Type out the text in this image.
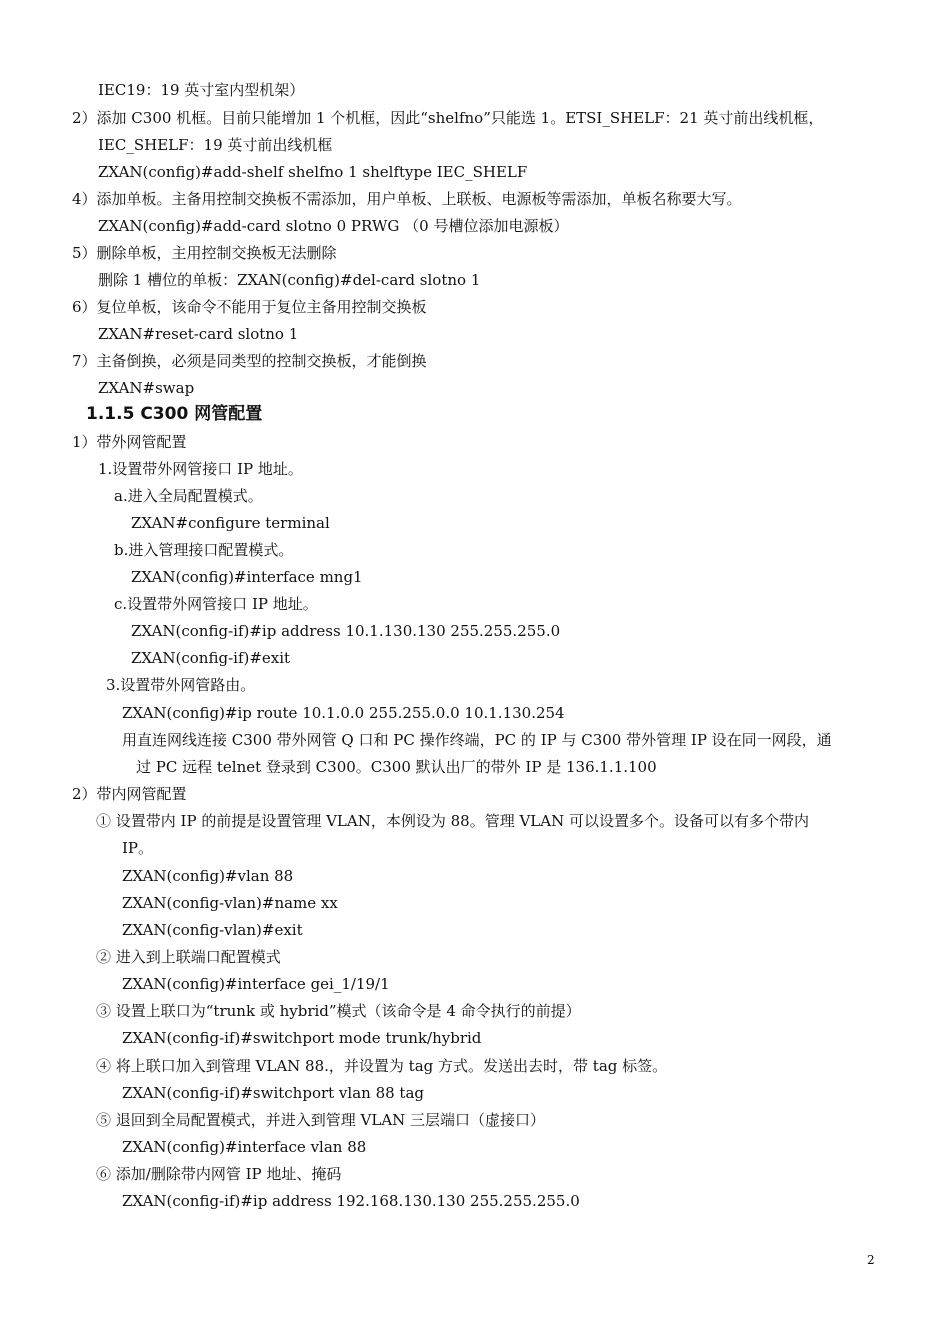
IEC19：19 英寸室内型机架）
2）添加 C300 机框。目前只能增加 1 个机框，因此“shelfno”只能选 1。ETSI_SHELF：21 英寸前出线机框，
IEC_SHELF：19 英寸前出线机框
ZXAN(config)#add-shelf shelfno 1 shelftype IEC_SHELF
4）添加单板。主备用控制交换板不需添加，用户单板、上联板、电源板等需添加，单板名称要大写。
ZXAN(config)#add-card slotno 0 PRWG （0 号槽位添加电源板）
5）删除单板，主用控制交换板无法删除
删除 1 槽位的单板：ZXAN(config)#del-card slotno 1
6）复位单板，该命令不能用于复位主备用控制交换板
ZXAN#reset-card slotno 1
7）主备倒换，必须是同类型的控制交换板，才能倒换
ZXAN#swap
1.1.5 C300 网管配置
1）带外网管配置
1.设置带外网管接口 IP 地址。
a.进入全局配置模式。
ZXAN#configure terminal
b.进入管理接口配置模式。
ZXAN(config)#interface mng1
c.设置带外网管接口 IP 地址。
ZXAN(config-if)#ip address 10.1.130.130 255.255.255.0
ZXAN(config-if)#exit
3.设置带外网管路由。
ZXAN(config)#ip route 10.1.0.0 255.255.0.0 10.1.130.254
用直连网线连接 C300 带外网管 Q 口和 PC 操作终端，PC 的 IP 与 C300 带外管理 IP 设在同一网段，通
过 PC 远程 telnet 登录到 C300。C300 默认出厂的带外 IP 是 136.1.1.100
2）带内网管配置
① 设置带内 IP 的前提是设置管理 VLAN，本例设为 88。管理 VLAN 可以设置多个。设备可以有多个带内
IP。
ZXAN(config)#vlan 88
ZXAN(config-vlan)#name xx
ZXAN(config-vlan)#exit
② 进入到上联端口配置模式
ZXAN(config)#interface gei_1/19/1
③ 设置上联口为“trunk 或 hybrid”模式（该命令是 4 命令执行的前提）
ZXAN(config-if)#switchport mode trunk/hybrid
④ 将上联口加入到管理 VLAN 88.，并设置为 tag 方式。发送出去时，带 tag 标签。
ZXAN(config-if)#switchport vlan 88 tag
⑤ 退回到全局配置模式，并进入到管理 VLAN 三层端口（虚接口）
ZXAN(config)#interface vlan 88
⑥ 添加/删除带内网管 IP 地址、掩码
ZXAN(config-if)#ip address 192.168.130.130 255.255.255.0
2
